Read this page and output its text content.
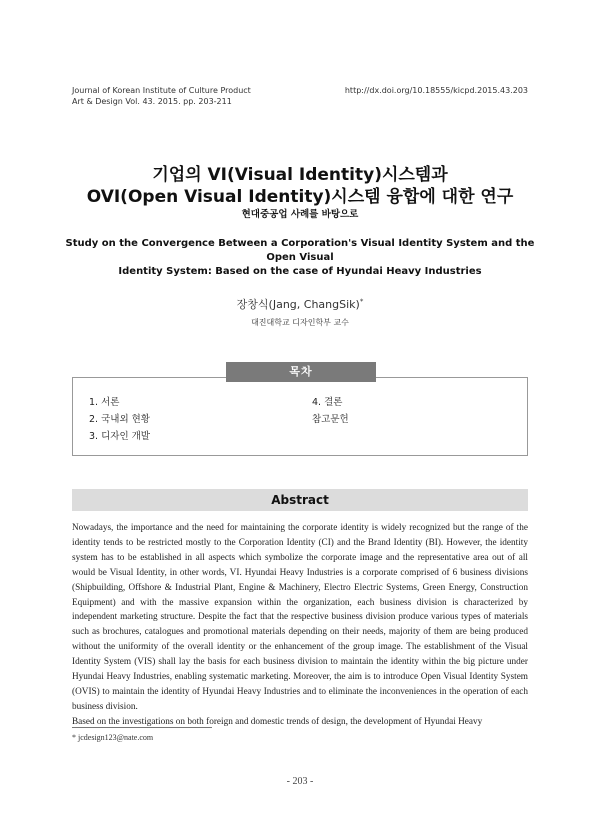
Journal of Korean Institute of Culture Product
Art & Design Vol. 43. 2015. pp. 203-211
http://dx.doi.org/10.18555/kicpd.2015.43.203
기업의 VI(Visual Identity)시스템과
OVI(Open Visual Identity)시스템 융합에 대한 연구
현대중공업 사례를 바탕으로
Study on the Convergence Between a Corporation's Visual Identity System and the Open Visual
Identity System: Based on the case of Hyundai Heavy Industries
장창식(Jang, ChangSik)*
대진대학교 디자인학부 교수
목차
1. 서론
2. 국내외 현황
3. 디자인 개발
4. 결론
참고문헌
Abstract

Nowadays, the importance and the need for maintaining the corporate identity is widely recognized but the range of the identity tends to be restricted mostly to the Corporation Identity (CI) and the Brand Identity (BI). However, the identity system has to be established in all aspects which symbolize the corporate image and the representative area out of all would be Visual Identity, in other words, VI. Hyundai Heavy Industries is a corporate comprised of 6 business divisions (Shipbuilding, Offshore & Industrial Plant, Engine & Machinery, Electro Electric Systems, Green Energy, Construction Equipment) and with the massive expansion within the organization, each business division is characterized by independent marketing structure. Despite the fact that the respective business division produce various types of materials such as brochures, catalogues and promotional materials depending on their needs, majority of them are being produced without the uniformity of the overall identity or the enhancement of the group image. The establishment of the Visual Identity System (VIS) shall lay the basis for each business division to maintain the identity within the big picture under Hyundai Heavy Industries, enabling systematic marketing. Moreover, the aim is to introduce Open Visual Identity System (OVIS) to maintain the identity of Hyundai Heavy Industries and to eliminate the inconveniences in the operation of each business division.

Based on the investigations on both foreign and domestic trends of design, the development of Hyundai Heavy

* jcdesign123@nate.com
- 203 -
